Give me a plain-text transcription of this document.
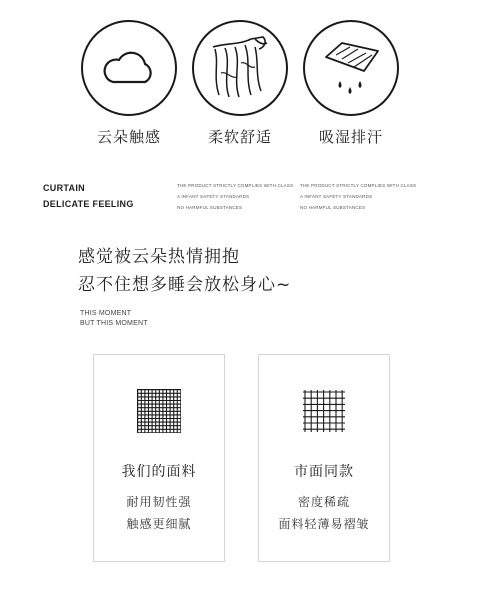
云朵触感	柔软舒适	吸湿排汗
CURTAIN
DELICATE FEELING
THE PRODUCT STRICTLY COMPLIES WITH CLASS
A INFANT SAFETY STANDARDS
NO HARMFUL SUBSTANCES
THE PRODUCT STRICTLY COMPLIES WITH CLASS
A INFANT SAFETY STANDARDS
NO HARMFUL SUBSTANCES
感觉被云朵热情拥抱
忍不住想多睡会放松身心~
THIS MOMENT
BUT THIS MOMENT
我们的面料
耐用韧性强
触感更细腻
市面同款
密度稀疏
面料轻薄易褶皱
